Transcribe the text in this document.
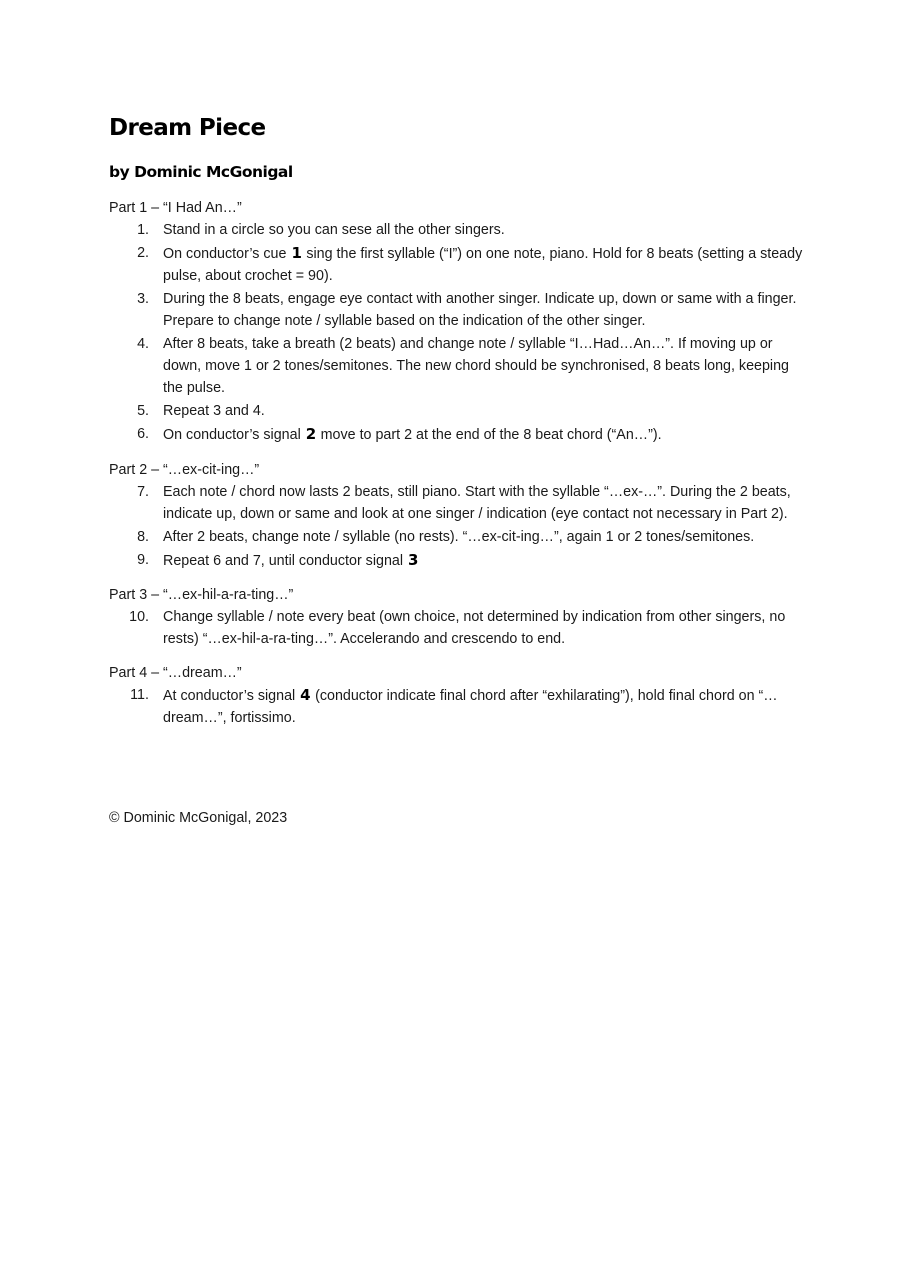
Dream Piece
by Dominic McGonigal

Part 1 – “I Had An…”

1. Stand in a circle so you can sese all the other singers.
2. On conductor’s cue 1 sing the first syllable (“I”) on one note, piano. Hold for 8 beats (setting a steady pulse, about crochet = 90).
3. During the 8 beats, engage eye contact with another singer. Indicate up, down or same with a finger. Prepare to change note / syllable based on the indication of the other singer.
4. After 8 beats, take a breath (2 beats) and change note / syllable “I…Had…An…”. If moving up or down, move 1 or 2 tones/semitones. The new chord should be synchronised, 8 beats long, keeping the pulse.
5. Repeat 3 and 4.
6. On conductor’s signal 2 move to part 2 at the end of the 8 beat chord (“An…”).

Part 2 – “…ex-cit-ing…”

7. Each note / chord now lasts 2 beats, still piano. Start with the syllable “…ex-…”. During the 2 beats, indicate up, down or same and look at one singer / indication (eye contact not necessary in Part 2).
8. After 2 beats, change note / syllable (no rests). “…ex-cit-ing…”, again 1 or 2 tones/semitones.
9. Repeat 6 and 7, until conductor signal 3

Part 3 – “…ex-hil-a-ra-ting…”

10. Change syllable / note every beat (own choice, not determined by indication from other singers, no rests) “…ex-hil-a-ra-ting…”. Accelerando and crescendo to end.

Part 4 – “…dream…”

11. At conductor’s signal 4 (conductor indicate final chord after “exhilarating”), hold final chord on “…dream…”, fortissimo.

© Dominic McGonigal, 2023
